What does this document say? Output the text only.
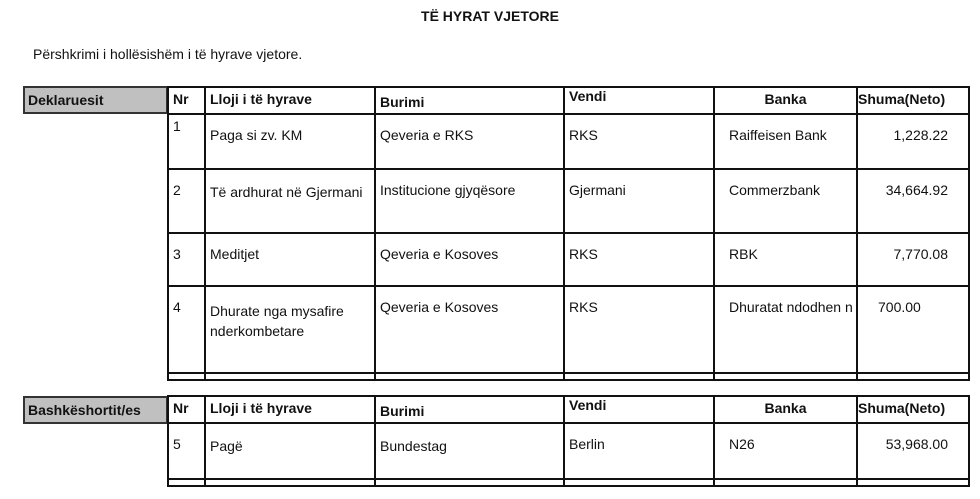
TË HYRAT VJETORE
Përshkrimi i hollësishëm i të hyrave vjetore.
Deklaruesit	Nr	Lloji i të hyrave	Burimi	Vendi	Banka	Shuma(Neto)
1	Paga si zv. KM	Qeveria e RKS	RKS	Raiffeisen Bank	1,228.22
2	Të ardhurat në Gjermani	Institucione gjyqësore	Gjermani	Commerzbank	34,664.92
3	Meditjet	Qeveria e Kosoves	RKS	RBK	7,770.08
4	Dhurate nga mysafire nderkombetare	Qeveria e Kosoves	RKS	Dhuratat ndodhen n	700.00

Bashkëshortit/es	Nr	Lloji i të hyrave	Burimi	Vendi	Banka	Shuma(Neto)
5	Pagë	Bundestag	Berlin	N26	53,968.00
